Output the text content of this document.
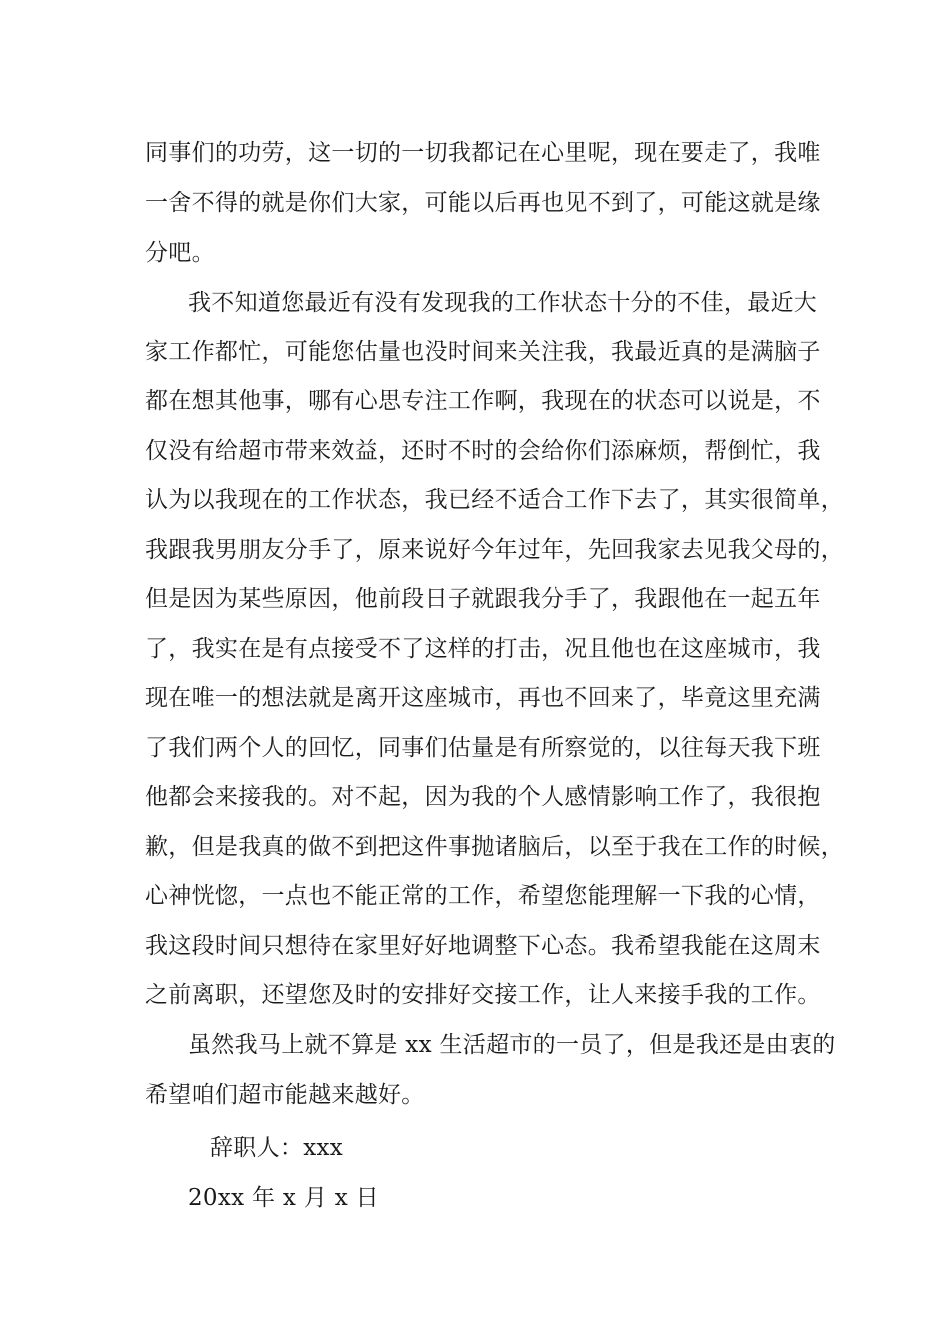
同事们的功劳，这一切的一切我都记在心里呢，现在要走了，我唯
一舍不得的就是你们大家，可能以后再也见不到了，可能这就是缘
分吧。
我不知道您最近有没有发现我的工作状态十分的不佳，最近大
家工作都忙，可能您估量也没时间来关注我，我最近真的是满脑子
都在想其他事，哪有心思专注工作啊，我现在的状态可以说是，不
仅没有给超市带来效益，还时不时的会给你们添麻烦，帮倒忙，我
认为以我现在的工作状态，我已经不适合工作下去了，其实很简单，
我跟我男朋友分手了，原来说好今年过年，先回我家去见我父母的，
但是因为某些原因，他前段日子就跟我分手了，我跟他在一起五年
了，我实在是有点接受不了这样的打击，况且他也在这座城市，我
现在唯一的想法就是离开这座城市，再也不回来了，毕竟这里充满
了我们两个人的回忆，同事们估量是有所察觉的，以往每天我下班
他都会来接我的。对不起，因为我的个人感情影响工作了，我很抱
歉，但是我真的做不到把这件事抛诸脑后，以至于我在工作的时候，
心神恍惚，一点也不能正常的工作，希望您能理解一下我的心情，
我这段时间只想待在家里好好地调整下心态。我希望我能在这周末
之前离职，还望您及时的安排好交接工作，让人来接手我的工作。
虽然我马上就不算是 xx 生活超市的一员了，但是我还是由衷的
希望咱们超市能越来越好。
辞职人：xxx
20xx 年 x 月 x 日
